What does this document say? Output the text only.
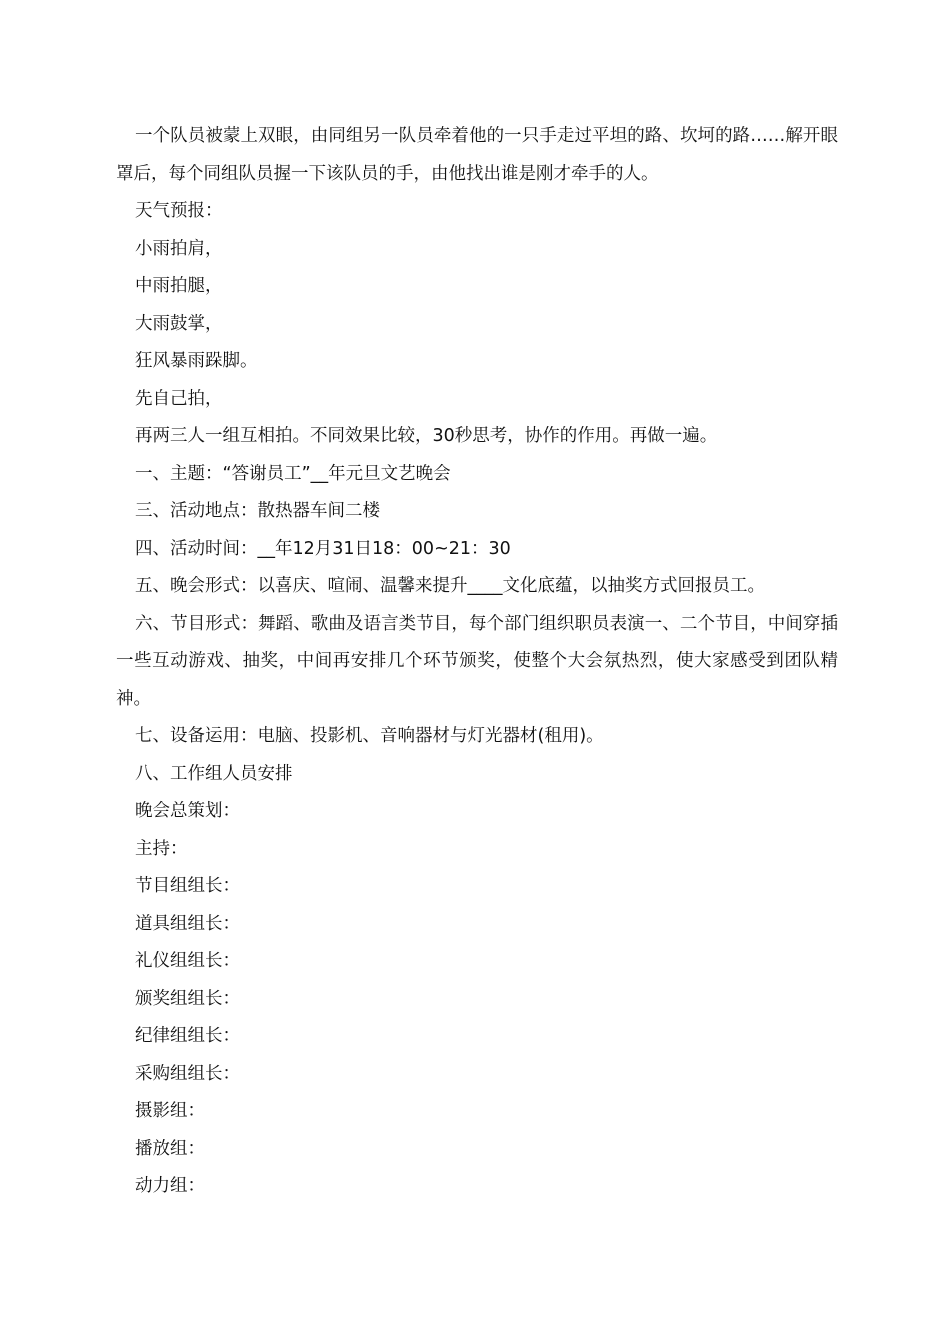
一个队员被蒙上双眼，由同组另一队员牵着他的一只手走过平坦的路、坎坷的路……解开眼罩后，每个同组队员握一下该队员的手，由他找出谁是刚才牵手的人。

天气预报：

小雨拍肩，

中雨拍腿，

大雨鼓掌，

狂风暴雨跺脚。

先自己拍，

再两三人一组互相拍。不同效果比较，30秒思考，协作的作用。再做一遍。

一、主题：“答谢员工”__年元旦文艺晚会

三、活动地点：散热器车间二楼

四、活动时间：__年12月31日18：00~21：30

五、晚会形式：以喜庆、喧闹、温馨来提升____文化底蕴，以抽奖方式回报员工。

六、节目形式：舞蹈、歌曲及语言类节目，每个部门组织职员表演一、二个节目，中间穿插一些互动游戏、抽奖，中间再安排几个环节颁奖，使整个大会氛热烈，使大家感受到团队精神。

七、设备运用：电脑、投影机、音响器材与灯光器材(租用)。

八、工作组人员安排

晚会总策划：

主持：

节目组组长：

道具组组长：

礼仪组组长：

颁奖组组长：

纪律组组长：

采购组组长：

摄影组：

播放组：

动力组：
